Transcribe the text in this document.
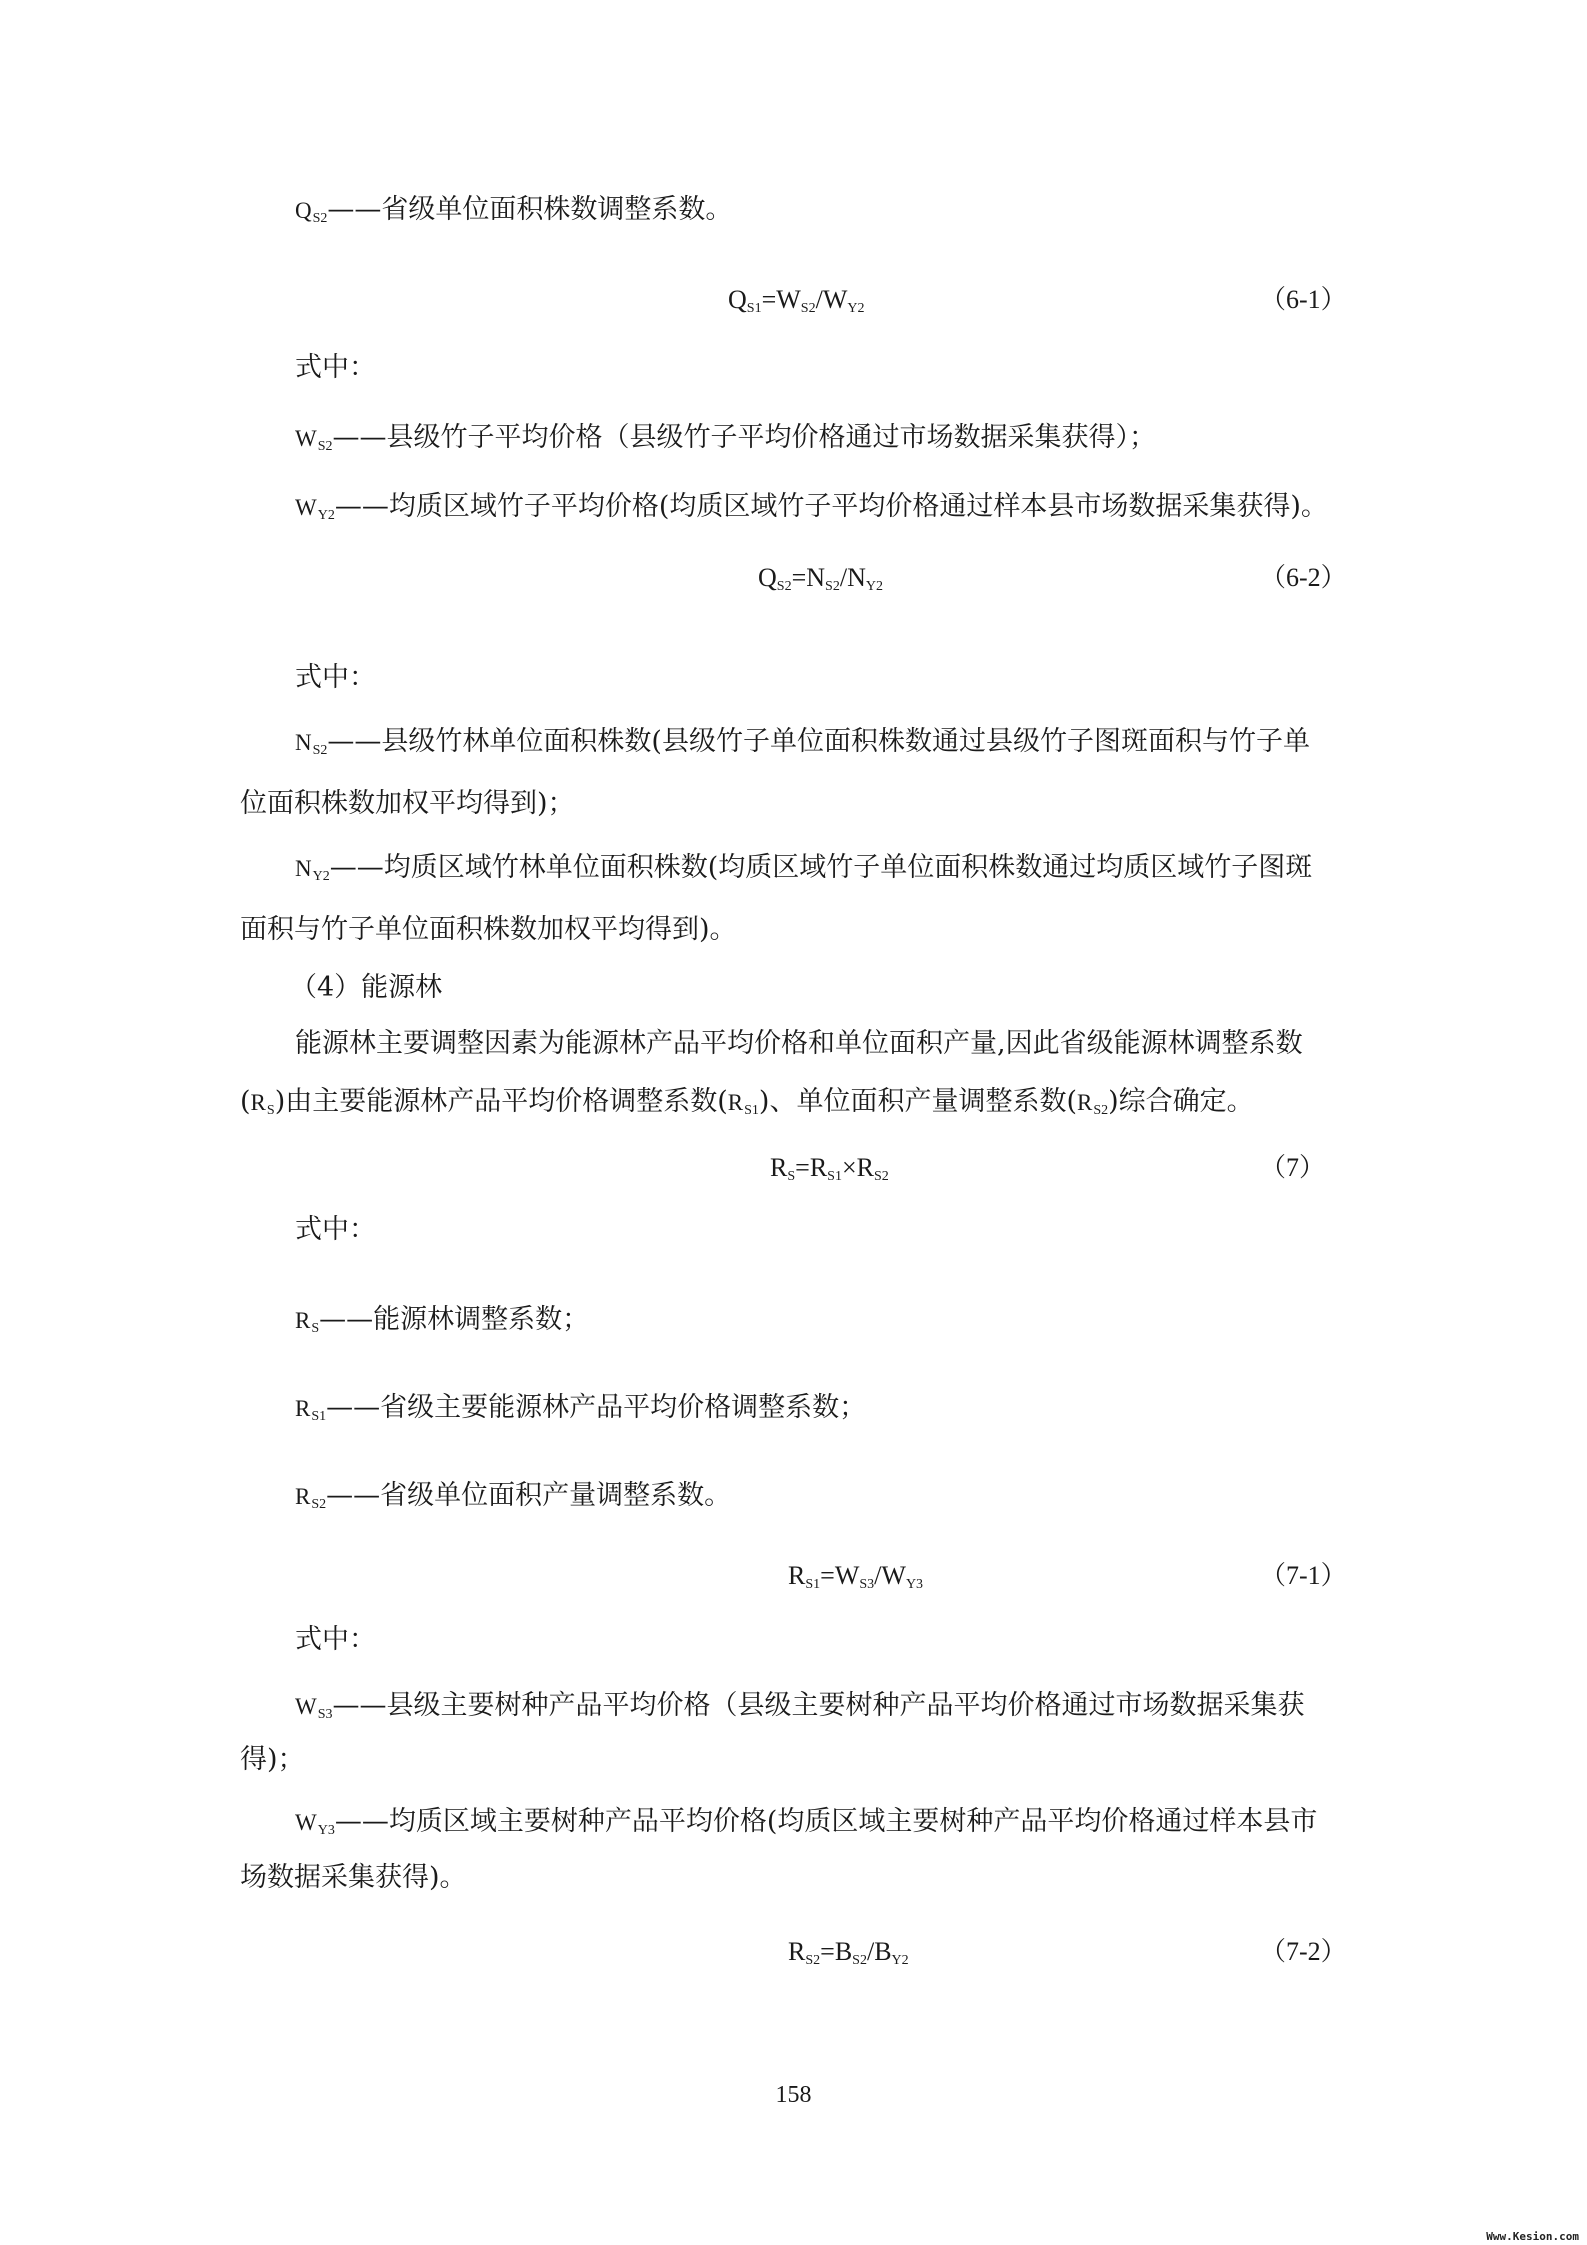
$Q_{S2}——$省级单位面积株数调整系数。
$Q_{S1}=W_{S2}/W_{Y2}$	（6-1）
式中：
$W_{S2}——$县级竹子平均价格（县级竹子平均价格通过市场数据采集获得）；
$W_{Y2}——$均质区域竹子平均价格(均质区域竹子平均价格通过样本县市场数据采集获得)。
$Q_{S2}=N_{S2}/N_{Y2}$	（6-2）
式中：
$N_{S2}——$县级竹林单位面积株数(县级竹子单位面积株数通过县级竹子图斑面积与竹子单
位面积株数加权平均得到)；
$N_{Y2}——$均质区域竹林单位面积株数(均质区域竹子单位面积株数通过均质区域竹子图斑
面积与竹子单位面积株数加权平均得到)。
（4）能源林
能源林主要调整因素为能源林产品平均价格和单位面积产量,因此省级能源林调整系数
$(R_S)$由主要能源林产品平均价格调整系数$(R_{S1})$、单位面积产量调整系数$(R_{S2})$综合确定。
$R_S=R_{S1}\times R_{S2}$	（7）
式中：
$R_S——$能源林调整系数；
$R_{S1}——$省级主要能源林产品平均价格调整系数；
$R_{S2}——$省级单位面积产量调整系数。
$R_{S1}=W_{S3}/W_{Y3}$	（7-1）
式中：
$W_{S3}——$县级主要树种产品平均价格（县级主要树种产品平均价格通过市场数据采集获
得)；
$W_{Y3}——$均质区域主要树种产品平均价格(均质区域主要树种产品平均价格通过样本县市
场数据采集获得)。
$R_{S2}=B_{S2}/B_{Y2}$	（7-2）
158
Www.Kesion.com
